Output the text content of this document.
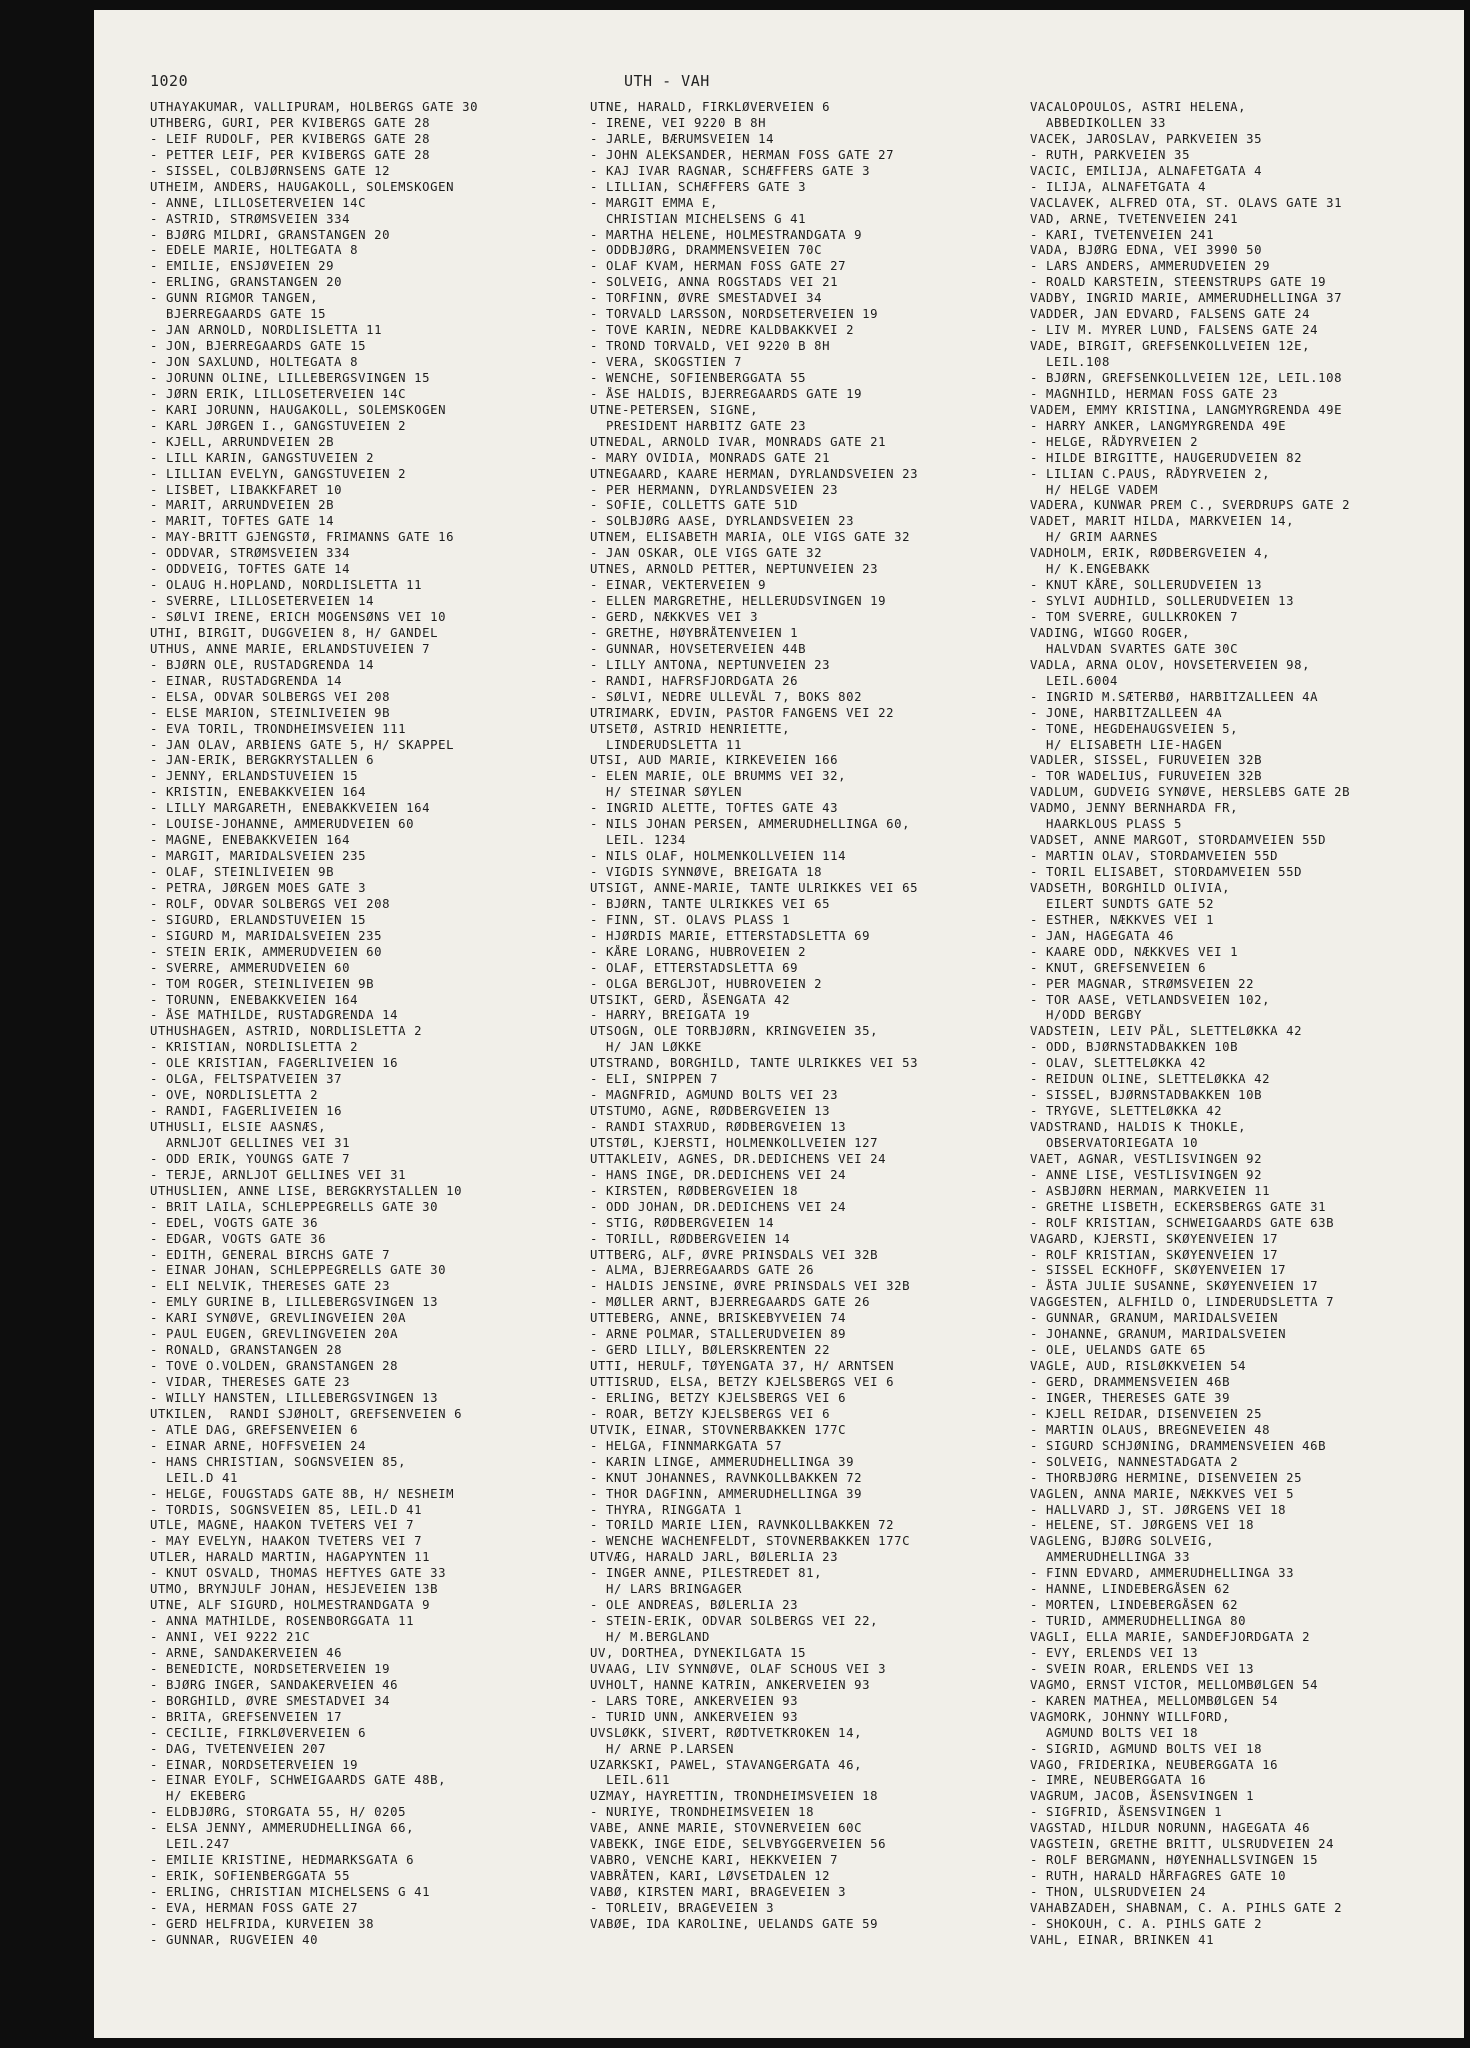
1020	UTH - VAH

UTHAYAKUMAR, VALLIPURAM, HOLBERGS GATE 30

UTHBERG, GURI, PER KVIBERGS GATE 28

- LEIF RUDOLF, PER KVIBERGS GATE 28

- PETTER LEIF, PER KVIBERGS GATE 28

- SISSEL, COLBJØRNSENS GATE 12

UTHEIM, ANDERS, HAUGAKOLL, SOLEMSKOGEN

- ANNE, LILLOSETERVEIEN 14C

- ASTRID, STRØMSVEIEN 334

- BJØRG MILDRI, GRANSTANGEN 20

- EDELE MARIE, HOLTEGATA 8

- EMILIE, ENSJØVEIEN 29

- ERLING, GRANSTANGEN 20

- GUNN RIGMOR TANGEN,

BJERREGAARDS GATE 15

- JAN ARNOLD, NORDLISLETTA 11

- JON, BJERREGAARDS GATE 15

- JON SAXLUND, HOLTEGATA 8

- JORUNN OLINE, LILLEBERGSVINGEN 15

- JØRN ERIK, LILLOSETERVEIEN 14C

- KARI JORUNN, HAUGAKOLL, SOLEMSKOGEN

- KARL JØRGEN I., GANGSTUVEIEN 2

- KJELL, ARRUNDVEIEN 2B

- LILL KARIN, GANGSTUVEIEN 2

- LILLIAN EVELYN, GANGSTUVEIEN 2

- LISBET, LIBAKKFARET 10

- MARIT, ARRUNDVEIEN 2B

- MARIT, TOFTES GATE 14

- MAY-BRITT GJENGSTØ, FRIMANNS GATE 16

- ODDVAR, STRØMSVEIEN 334

- ODDVEIG, TOFTES GATE 14

- OLAUG H.HOPLAND, NORDLISLETTA 11

- SVERRE, LILLOSETERVEIEN 14

- SØLVI IRENE, ERICH MOGENSØNS VEI 10

UTHI, BIRGIT, DUGGVEIEN 8, H/ GANDEL

UTHUS, ANNE MARIE, ERLANDSTUVEIEN 7

- BJØRN OLE, RUSTADGRENDA 14

- EINAR, RUSTADGRENDA 14

- ELSA, ODVAR SOLBERGS VEI 208

- ELSE MARION, STEINLIVEIEN 9B

- EVA TORIL, TRONDHEIMSVEIEN 111

- JAN OLAV, ARBIENS GATE 5, H/ SKAPPEL

- JAN-ERIK, BERGKRYSTALLEN 6

- JENNY, ERLANDSTUVEIEN 15

- KRISTIN, ENEBAKKVEIEN 164

- LILLY MARGARETH, ENEBAKKVEIEN 164

- LOUISE-JOHANNE, AMMERUDVEIEN 60

- MAGNE, ENEBAKKVEIEN 164

- MARGIT, MARIDALSVEIEN 235

- OLAF, STEINLIVEIEN 9B

- PETRA, JØRGEN MOES GATE 3

- ROLF, ODVAR SOLBERGS VEI 208

- SIGURD, ERLANDSTUVEIEN 15

- SIGURD M, MARIDALSVEIEN 235

- STEIN ERIK, AMMERUDVEIEN 60

- SVERRE, AMMERUDVEIEN 60

- TOM ROGER, STEINLIVEIEN 9B

- TORUNN, ENEBAKKVEIEN 164

- ÅSE MATHILDE, RUSTADGRENDA 14

UTHUSHAGEN, ASTRID, NORDLISLETTA 2

- KRISTIAN, NORDLISLETTA 2

- OLE KRISTIAN, FAGERLIVEIEN 16

- OLGA, FELTSPATVEIEN 37

- OVE, NORDLISLETTA 2

- RANDI, FAGERLIVEIEN 16

UTHUSLI, ELSIE AASNÆS,

ARNLJOT GELLINES VEI 31

- ODD ERIK, YOUNGS GATE 7

- TERJE, ARNLJOT GELLINES VEI 31

UTHUSLIEN, ANNE LISE, BERGKRYSTALLEN 10

- BRIT LAILA, SCHLEPPEGRELLS GATE 30

- EDEL, VOGTS GATE 36

- EDGAR, VOGTS GATE 36

- EDITH, GENERAL BIRCHS GATE 7

- EINAR JOHAN, SCHLEPPEGRELLS GATE 30

- ELI NELVIK, THERESES GATE 23

- EMLY GURINE B, LILLEBERGSVINGEN 13

- KARI SYNØVE, GREVLINGVEIEN 20A

- PAUL EUGEN, GREVLINGVEIEN 20A

- RONALD, GRANSTANGEN 28

- TOVE O.VOLDEN, GRANSTANGEN 28

- VIDAR, THERESES GATE 23

- WILLY HANSTEN, LILLEBERGSVINGEN 13

UTKILEN,  RANDI SJØHOLT, GREFSENVEIEN 6

- ATLE DAG, GREFSENVEIEN 6

- EINAR ARNE, HOFFSVEIEN 24

- HANS CHRISTIAN, SOGNSVEIEN 85,

LEIL.D 41

- HELGE, FOUGSTADS GATE 8B, H/ NESHEIM

- TORDIS, SOGNSVEIEN 85, LEIL.D 41

UTLE, MAGNE, HAAKON TVETERS VEI 7

- MAY EVELYN, HAAKON TVETERS VEI 7

UTLER, HARALD MARTIN, HAGAPYNTEN 11

- KNUT OSVALD, THOMAS HEFTYES GATE 33

UTMO, BRYNJULF JOHAN, HESJEVEIEN 13B

UTNE, ALF SIGURD, HOLMESTRANDGATA 9

- ANNA MATHILDE, ROSENBORGGATA 11

- ANNI, VEI 9222 21C

- ARNE, SANDAKERVEIEN 46

- BENEDICTE, NORDSETERVEIEN 19

- BJØRG INGER, SANDAKERVEIEN 46

- BORGHILD, ØVRE SMESTADVEI 34

- BRITA, GREFSENVEIEN 17

- CECILIE, FIRKLØVERVEIEN 6

- DAG, TVETENVEIEN 207

- EINAR, NORDSETERVEIEN 19

- EINAR EYOLF, SCHWEIGAARDS GATE 48B,

H/ EKEBERG

- ELDBJØRG, STORGATA 55, H/ 0205

- ELSA JENNY, AMMERUDHELLINGA 66,

LEIL.247

- EMILIE KRISTINE, HEDMARKSGATA 6

- ERIK, SOFIENBERGGATA 55

- ERLING, CHRISTIAN MICHELSENS G 41

- EVA, HERMAN FOSS GATE 27

- GERD HELFRIDA, KURVEIEN 38

- GUNNAR, RUGVEIEN 40

UTNE, HARALD, FIRKLØVERVEIEN 6

- IRENE, VEI 9220 B 8H

- JARLE, BÆRUMSVEIEN 14

- JOHN ALEKSANDER, HERMAN FOSS GATE 27

- KAJ IVAR RAGNAR, SCHÆFFERS GATE 3

- LILLIAN, SCHÆFFERS GATE 3

- MARGIT EMMA E,

CHRISTIAN MICHELSENS G 41

- MARTHA HELENE, HOLMESTRANDGATA 9

- ODDBJØRG, DRAMMENSVEIEN 70C

- OLAF KVAM, HERMAN FOSS GATE 27

- SOLVEIG, ANNA ROGSTADS VEI 21

- TORFINN, ØVRE SMESTADVEI 34

- TORVALD LARSSON, NORDSETERVEIEN 19

- TOVE KARIN, NEDRE KALDBAKKVEI 2

- TROND TORVALD, VEI 9220 B 8H

- VERA, SKOGSTIEN 7

- WENCHE, SOFIENBERGGATA 55

- ÅSE HALDIS, BJERREGAARDS GATE 19

UTNE-PETERSEN, SIGNE,

PRESIDENT HARBITZ GATE 23

UTNEDAL, ARNOLD IVAR, MONRADS GATE 21

- MARY OVIDIA, MONRADS GATE 21

UTNEGAARD, KAARE HERMAN, DYRLANDSVEIEN 23

- PER HERMANN, DYRLANDSVEIEN 23

- SOFIE, COLLETTS GATE 51D

- SOLBJØRG AASE, DYRLANDSVEIEN 23

UTNEM, ELISABETH MARIA, OLE VIGS GATE 32

- JAN OSKAR, OLE VIGS GATE 32

UTNES, ARNOLD PETTER, NEPTUNVEIEN 23

- EINAR, VEKTERVEIEN 9

- ELLEN MARGRETHE, HELLERUDSVINGEN 19

- GERD, NÆKKVES VEI 3

- GRETHE, HØYBRÅTENVEIEN 1

- GUNNAR, HOVSETERVEIEN 44B

- LILLY ANTONA, NEPTUNVEIEN 23

- RANDI, HAFRSFJORDGATA 26

- SØLVI, NEDRE ULLEVÅL 7, BOKS 802

UTRIMARK, EDVIN, PASTOR FANGENS VEI 22

UTSETØ, ASTRID HENRIETTE,

LINDERUDSLETTA 11

UTSI, AUD MARIE, KIRKEVEIEN 166

- ELEN MARIE, OLE BRUMMS VEI 32,

H/ STEINAR SØYLEN

- INGRID ALETTE, TOFTES GATE 43

- NILS JOHAN PERSEN, AMMERUDHELLINGA 60,

LEIL. 1234

- NILS OLAF, HOLMENKOLLVEIEN 114

- VIGDIS SYNNØVE, BREIGATA 18

UTSIGT, ANNE-MARIE, TANTE ULRIKKES VEI 65

- BJØRN, TANTE ULRIKKES VEI 65

- FINN, ST. OLAVS PLASS 1

- HJØRDIS MARIE, ETTERSTADSLETTA 69

- KÅRE LORANG, HUBROVEIEN 2

- OLAF, ETTERSTADSLETTA 69

- OLGA BERGLJOT, HUBROVEIEN 2

UTSIKT, GERD, ÅSENGATA 42

- HARRY, BREIGATA 19

UTSOGN, OLE TORBJØRN, KRINGVEIEN 35,

H/ JAN LØKKE

UTSTRAND, BORGHILD, TANTE ULRIKKES VEI 53

- ELI, SNIPPEN 7

- MAGNFRID, AGMUND BOLTS VEI 23

UTSTUMO, AGNE, RØDBERGVEIEN 13

- RANDI STAXRUD, RØDBERGVEIEN 13

UTSTØL, KJERSTI, HOLMENKOLLVEIEN 127

UTTAKLEIV, AGNES, DR.DEDICHENS VEI 24

- HANS INGE, DR.DEDICHENS VEI 24

- KIRSTEN, RØDBERGVEIEN 18

- ODD JOHAN, DR.DEDICHENS VEI 24

- STIG, RØDBERGVEIEN 14

- TORILL, RØDBERGVEIEN 14

UTTBERG, ALF, ØVRE PRINSDALS VEI 32B

- ALMA, BJERREGAARDS GATE 26

- HALDIS JENSINE, ØVRE PRINSDALS VEI 32B

- MØLLER ARNT, BJERREGAARDS GATE 26

UTTEBERG, ANNE, BRISKEBYVEIEN 74

- ARNE POLMAR, STALLERUDVEIEN 89

- GERD LILLY, BØLERSKRENTEN 22

UTTI, HERULF, TØYENGATA 37, H/ ARNTSEN

UTTISRUD, ELSA, BETZY KJELSBERGS VEI 6

- ERLING, BETZY KJELSBERGS VEI 6

- ROAR, BETZY KJELSBERGS VEI 6

UTVIK, EINAR, STOVNERBAKKEN 177C

- HELGA, FINNMARKGATA 57

- KARIN LINGE, AMMERUDHELLINGA 39

- KNUT JOHANNES, RAVNKOLLBAKKEN 72

- THOR DAGFINN, AMMERUDHELLINGA 39

- THYRA, RINGGATA 1

- TORILD MARIE LIEN, RAVNKOLLBAKKEN 72

- WENCHE WACHENFELDT, STOVNERBAKKEN 177C

UTVÆG, HARALD JARL, BØLERLIA 23

- INGER ANNE, PILESTREDET 81,

H/ LARS BRINGAGER

- OLE ANDREAS, BØLERLIA 23

- STEIN-ERIK, ODVAR SOLBERGS VEI 22,

H/ M.BERGLAND

UV, DORTHEA, DYNEKILGATA 15

UVAAG, LIV SYNNØVE, OLAF SCHOUS VEI 3

UVHOLT, HANNE KATRIN, ANKERVEIEN 93

- LARS TORE, ANKERVEIEN 93

- TURID UNN, ANKERVEIEN 93

UVSLØKK, SIVERT, RØDTVETKROKEN 14,

H/ ARNE P.LARSEN

UZARKSKI, PAWEL, STAVANGERGATA 46,

LEIL.611

UZMAY, HAYRETTIN, TRONDHEIMSVEIEN 18

- NURIYE, TRONDHEIMSVEIEN 18

VABE, ANNE MARIE, STOVNERVEIEN 60C

VABEKK, INGE EIDE, SELVBYGGERVEIEN 56

VABRO, VENCHE KARI, HEKKVEIEN 7

VABRÅTEN, KARI, LØVSETDALEN 12

VABØ, KIRSTEN MARI, BRAGEVEIEN 3

- TORLEIV, BRAGEVEIEN 3

VABØE, IDA KAROLINE, UELANDS GATE 59

VACALOPOULOS, ASTRI HELENA,

ABBEDIKOLLEN 33

VACEK, JAROSLAV, PARKVEIEN 35

- RUTH, PARKVEIEN 35

VACIC, EMILIJA, ALNAFETGATA 4

- ILIJA, ALNAFETGATA 4

VACLAVEK, ALFRED OTA, ST. OLAVS GATE 31

VAD, ARNE, TVETENVEIEN 241

- KARI, TVETENVEIEN 241

VADA, BJØRG EDNA, VEI 3990 50

- LARS ANDERS, AMMERUDVEIEN 29

- ROALD KARSTEIN, STEENSTRUPS GATE 19

VADBY, INGRID MARIE, AMMERUDHELLINGA 37

VADDER, JAN EDVARD, FALSENS GATE 24

- LIV M. MYRER LUND, FALSENS GATE 24

VADE, BIRGIT, GREFSENKOLLVEIEN 12E,

LEIL.108

- BJØRN, GREFSENKOLLVEIEN 12E, LEIL.108

- MAGNHILD, HERMAN FOSS GATE 23

VADEM, EMMY KRISTINA, LANGMYRGRENDA 49E

- HARRY ANKER, LANGMYRGRENDA 49E

- HELGE, RÅDYRVEIEN 2

- HILDE BIRGITTE, HAUGERUDVEIEN 82

- LILIAN C.PAUS, RÅDYRVEIEN 2,

H/ HELGE VADEM

VADERA, KUNWAR PREM C., SVERDRUPS GATE 2

VADET, MARIT HILDA, MARKVEIEN 14,

H/ GRIM AARNES

VADHOLM, ERIK, RØDBERGVEIEN 4,

H/ K.ENGEBAKK

- KNUT KÅRE, SOLLERUDVEIEN 13

- SYLVI AUDHILD, SOLLERUDVEIEN 13

- TOM SVERRE, GULLKROKEN 7

VADING, WIGGO ROGER,

HALVDAN SVARTES GATE 30C

VADLA, ARNA OLOV, HOVSETERVEIEN 98,

LEIL.6004

- INGRID M.SÆTERBØ, HARBITZALLEEN 4A

- JONE, HARBITZALLEEN 4A

- TONE, HEGDEHAUGSVEIEN 5,

H/ ELISABETH LIE-HAGEN

VADLER, SISSEL, FURUVEIEN 32B

- TOR WADELIUS, FURUVEIEN 32B

VADLUM, GUDVEIG SYNØVE, HERSLEBS GATE 2B

VADMO, JENNY BERNHARDA FR,

HAARKLOUS PLASS 5

VADSET, ANNE MARGOT, STORDAMVEIEN 55D

- MARTIN OLAV, STORDAMVEIEN 55D

- TORIL ELISABET, STORDAMVEIEN 55D

VADSETH, BORGHILD OLIVIA,

EILERT SUNDTS GATE 52

- ESTHER, NÆKKVES VEI 1

- JAN, HAGEGATA 46

- KAARE ODD, NÆKKVES VEI 1

- KNUT, GREFSENVEIEN 6

- PER MAGNAR, STRØMSVEIEN 22

- TOR AASE, VETLANDSVEIEN 102,

H/ODD BERGBY

VADSTEIN, LEIV PÅL, SLETTELØKKA 42

- ODD, BJØRNSTADBAKKEN 10B

- OLAV, SLETTELØKKA 42

- REIDUN OLINE, SLETTELØKKA 42

- SISSEL, BJØRNSTADBAKKEN 10B

- TRYGVE, SLETTELØKKA 42

VADSTRAND, HALDIS K THOKLE,

OBSERVATORIEGATA 10

VAET, AGNAR, VESTLISVINGEN 92

- ANNE LISE, VESTLISVINGEN 92

- ASBJØRN HERMAN, MARKVEIEN 11

- GRETHE LISBETH, ECKERSBERGS GATE 31

- ROLF KRISTIAN, SCHWEIGAARDS GATE 63B

VAGARD, KJERSTI, SKØYENVEIEN 17

- ROLF KRISTIAN, SKØYENVEIEN 17

- SISSEL ECKHOFF, SKØYENVEIEN 17

- ÅSTA JULIE SUSANNE, SKØYENVEIEN 17

VAGGESTEN, ALFHILD O, LINDERUDSLETTA 7

- GUNNAR, GRANUM, MARIDALSVEIEN

- JOHANNE, GRANUM, MARIDALSVEIEN

- OLE, UELANDS GATE 65

VAGLE, AUD, RISLØKKVEIEN 54

- GERD, DRAMMENSVEIEN 46B

- INGER, THERESES GATE 39

- KJELL REIDAR, DISENVEIEN 25

- MARTIN OLAUS, BREGNEVEIEN 48

- SIGURD SCHJØNING, DRAMMENSVEIEN 46B

- SOLVEIG, NANNESTADGATA 2

- THORBJØRG HERMINE, DISENVEIEN 25

VAGLEN, ANNA MARIE, NÆKKVES VEI 5

- HALLVARD J, ST. JØRGENS VEI 18

- HELENE, ST. JØRGENS VEI 18

VAGLENG, BJØRG SOLVEIG,

AMMERUDHELLINGA 33

- FINN EDVARD, AMMERUDHELLINGA 33

- HANNE, LINDEBERGÅSEN 62

- MORTEN, LINDEBERGÅSEN 62

- TURID, AMMERUDHELLINGA 80

VAGLI, ELLA MARIE, SANDEFJORDGATA 2

- EVY, ERLENDS VEI 13

- SVEIN ROAR, ERLENDS VEI 13

VAGMO, ERNST VICTOR, MELLOMBØLGEN 54

- KAREN MATHEA, MELLOMBØLGEN 54

VAGMORK, JOHNNY WILLFORD,

AGMUND BOLTS VEI 18

- SIGRID, AGMUND BOLTS VEI 18

VAGO, FRIDERIKA, NEUBERGGATA 16

- IMRE, NEUBERGGATA 16

VAGRUM, JACOB, ÅSENSVINGEN 1

- SIGFRID, ÅSENSVINGEN 1

VAGSTAD, HILDUR NORUNN, HAGEGATA 46

VAGSTEIN, GRETHE BRITT, ULSRUDVEIEN 24

- ROLF BERGMANN, HØYENHALLSVINGEN 15

- RUTH, HARALD HÅRFAGRES GATE 10

- THON, ULSRUDVEIEN 24

VAHABZADEH, SHABNAM, C. A. PIHLS GATE 2

- SHOKOUH, C. A. PIHLS GATE 2

VAHL, EINAR, BRINKEN 41
